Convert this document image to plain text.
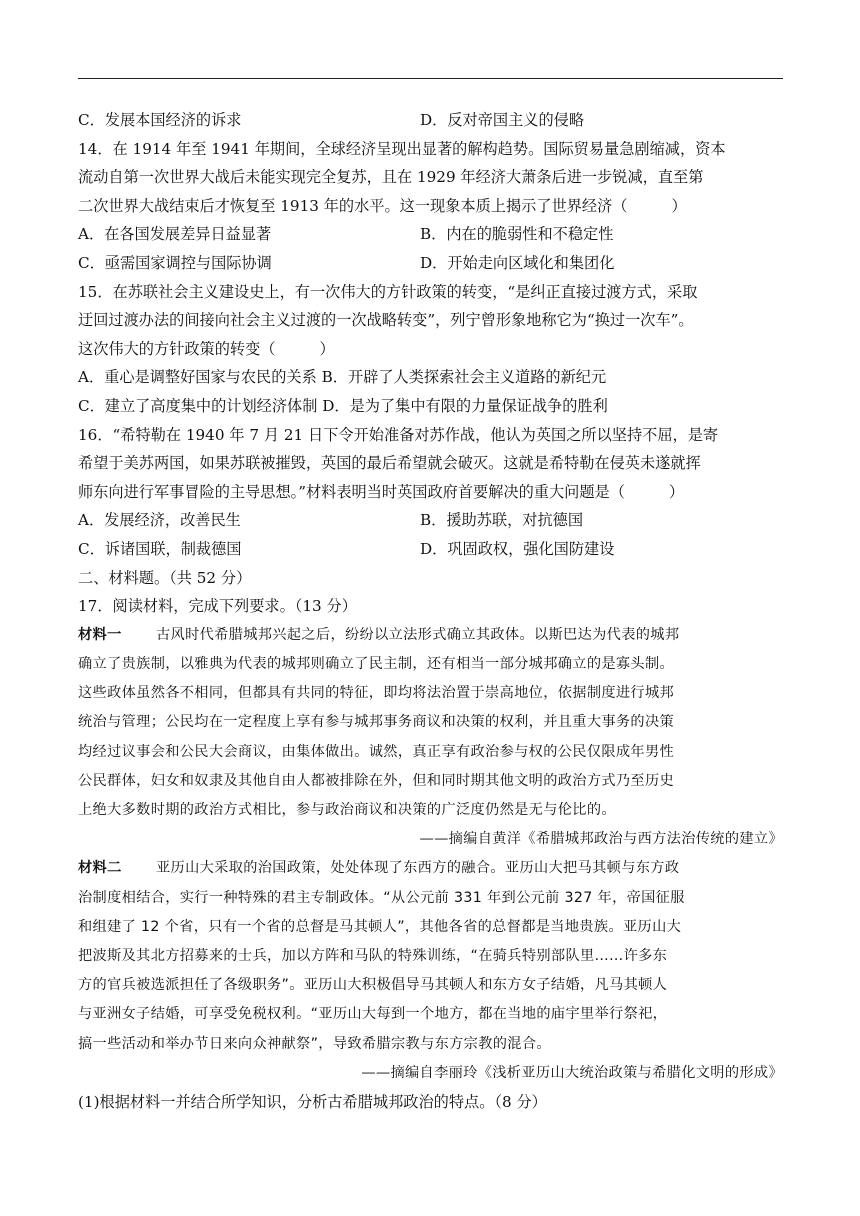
C．发展本国经济的诉求	D．反对帝国主义的侵略
14．在 1914 年至 1941 年期间，全球经济呈现出显著的解构趋势。国际贸易量急剧缩减，资本
流动自第一次世界大战后未能实现完全复苏，且在 1929 年经济大萧条后进一步锐减，直至第
二次世界大战结束后才恢复至 1913 年的水平。这一现象本质上揭示了世界经济（	）
A．在各国发展差异日益显著	B．内在的脆弱性和不稳定性
C．亟需国家调控与国际协调	D．开始走向区域化和集团化
15．在苏联社会主义建设史上，有一次伟大的方针政策的转变，“是纠正直接过渡方式，采取
迂回过渡办法的间接向社会主义过渡的一次战略转变”，列宁曾形象地称它为“换过一次车”。
这次伟大的方针政策的转变（	）
A．重心是调整好国家与农民的关系 B．开辟了人类探索社会主义道路的新纪元
C．建立了高度集中的计划经济体制 D．是为了集中有限的力量保证战争的胜利
16．“希特勒在 1940 年 7 月 21 日下令开始准备对苏作战，他认为英国之所以坚持不屈，是寄
希望于美苏两国，如果苏联被摧毁，英国的最后希望就会破灭。这就是希特勒在侵英未遂就挥
师东向进行军事冒险的主导思想。”材料表明当时英国政府首要解决的重大问题是（	）
A．发展经济，改善民生	B．援助苏联，对抗德国
C．诉诸国联，制裁德国	D．巩固政权，强化国防建设
二、材料题。（共 52 分）
17．阅读材料，完成下列要求。（13 分）
材料一 古风时代希腊城邦兴起之后，纷纷以立法形式确立其政体。以斯巴达为代表的城邦
确立了贵族制，以雅典为代表的城邦则确立了民主制，还有相当一部分城邦确立的是寡头制。
这些政体虽然各不相同，但都具有共同的特征，即均将法治置于崇高地位，依据制度进行城邦
统治与管理；公民均在一定程度上享有参与城邦事务商议和决策的权利，并且重大事务的决策
均经过议事会和公民大会商议，由集体做出。诚然，真正享有政治参与权的公民仅限成年男性
公民群体，妇女和奴隶及其他自由人都被排除在外，但和同时期其他文明的政治方式乃至历史
上绝大多数时期的政治方式相比，参与政治商议和决策的广泛度仍然是无与伦比的。
——摘编自黄洋《希腊城邦政治与西方法治传统的建立》
材料二 亚历山大采取的治国政策，处处体现了东西方的融合。亚历山大把马其顿与东方政
治制度相结合，实行一种特殊的君主专制政体。“从公元前 331 年到公元前 327 年，帝国征服
和组建了 12 个省，只有一个省的总督是马其顿人”，其他各省的总督都是当地贵族。亚历山大
把波斯及其北方招募来的士兵，加以方阵和马队的特殊训练，“在骑兵特别部队里……许多东
方的官兵被选派担任了各级职务”。亚历山大积极倡导马其顿人和东方女子结婚，凡马其顿人
与亚洲女子结婚，可享受免税权利。“亚历山大每到一个地方，都在当地的庙宇里举行祭祀，
搞一些活动和举办节日来向众神献祭”，导致希腊宗教与东方宗教的混合。
——摘编自李丽玲《浅析亚历山大统治政策与希腊化文明的形成》
(1)根据材料一并结合所学知识，分析古希腊城邦政治的特点。（8 分）
